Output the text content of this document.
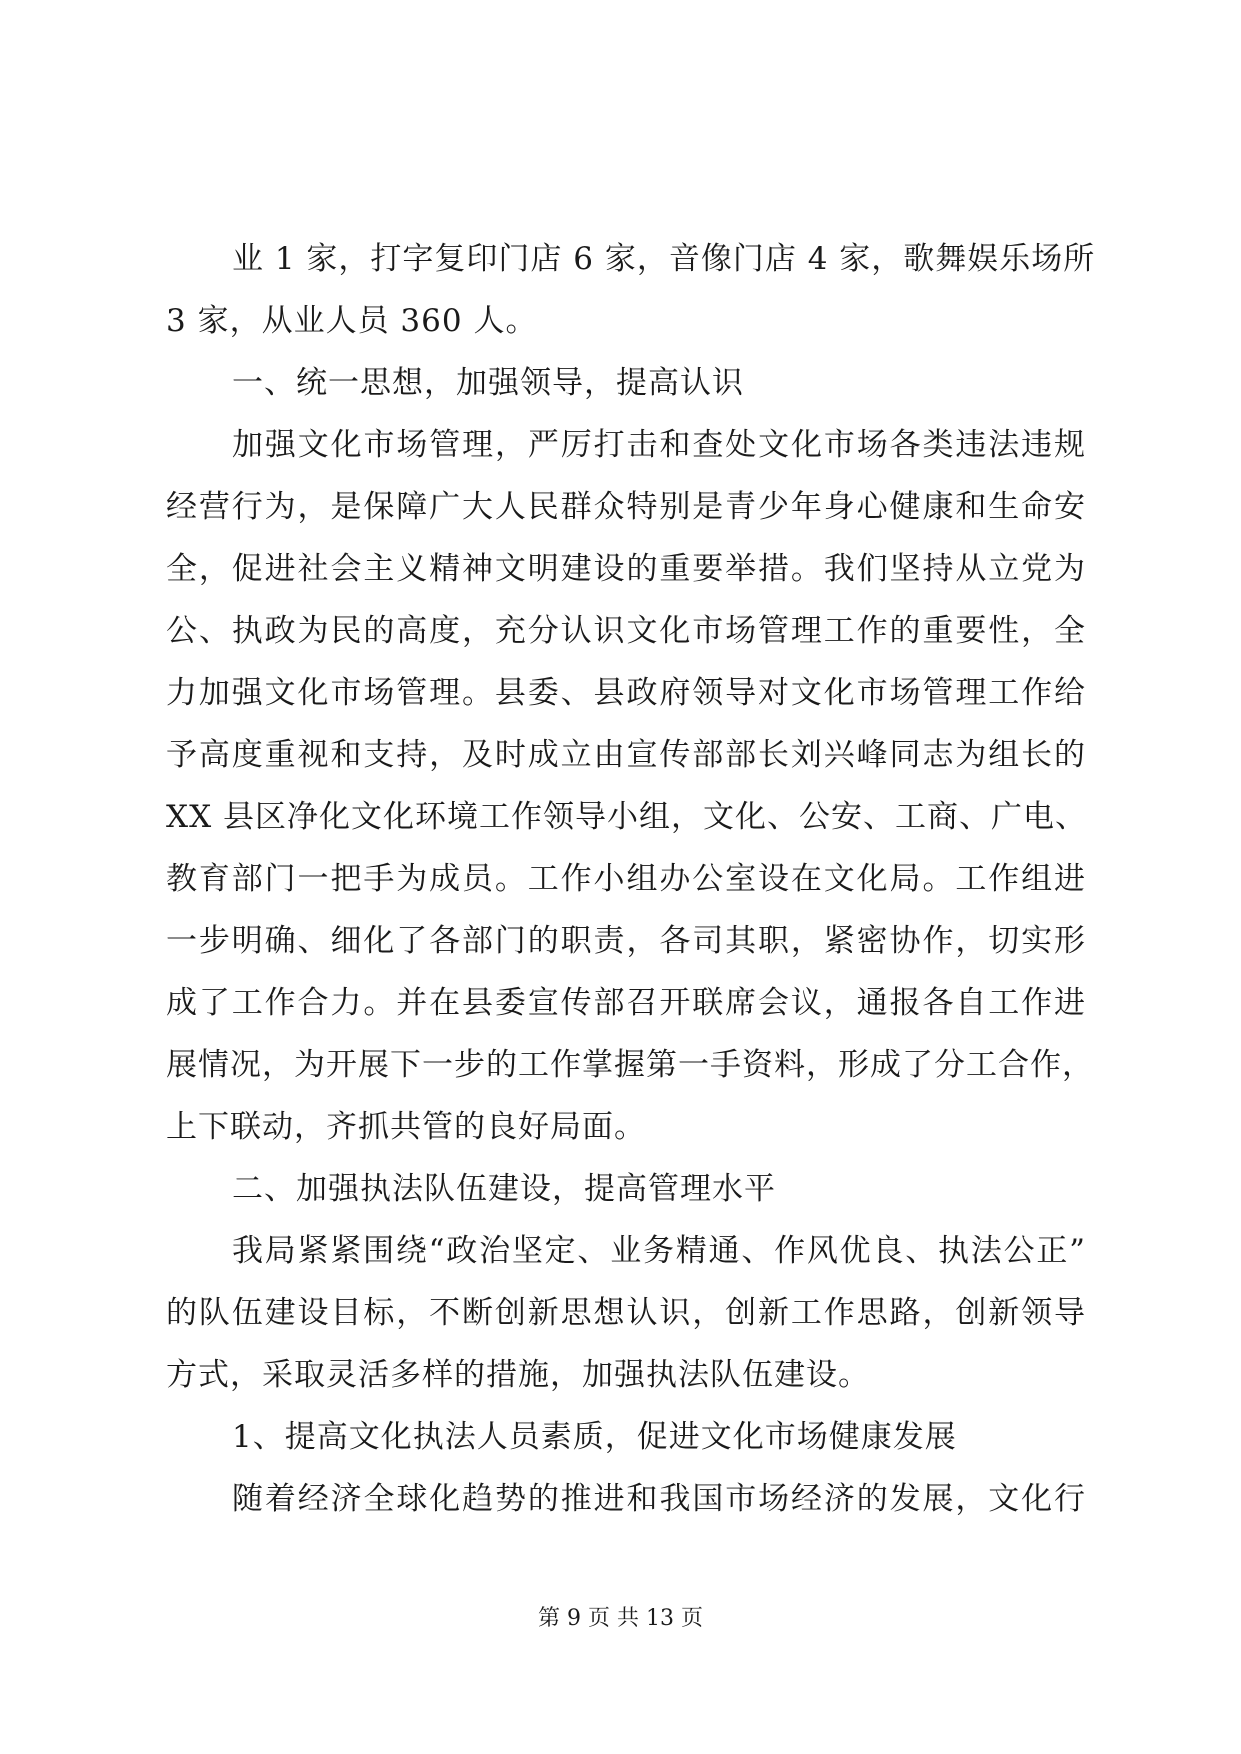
业 1 家，打字复印门店 6 家，音像门店 4 家，歌舞娱乐场所
3 家，从业人员 360 人。
一、统一思想，加强领导，提高认识
加强文化市场管理，严厉打击和查处文化市场各类违法违规
经营行为，是保障广大人民群众特别是青少年身心健康和生命安
全，促进社会主义精神文明建设的重要举措。我们坚持从立党为
公、执政为民的高度，充分认识文化市场管理工作的重要性，全
力加强文化市场管理。县委、县政府领导对文化市场管理工作给
予高度重视和支持，及时成立由宣传部部长刘兴峰同志为组长的
XX 县区净化文化环境工作领导小组，文化、公安、工商、广电、
教育部门一把手为成员。工作小组办公室设在文化局。工作组进
一步明确、细化了各部门的职责，各司其职，紧密协作，切实形
成了工作合力。并在县委宣传部召开联席会议，通报各自工作进
展情况，为开展下一步的工作掌握第一手资料，形成了分工合作，
上下联动，齐抓共管的良好局面。
二、加强执法队伍建设，提高管理水平
我局紧紧围绕“政治坚定、业务精通、作风优良、执法公正”
的队伍建设目标，不断创新思想认识，创新工作思路，创新领导
方式，采取灵活多样的措施，加强执法队伍建设。
1、提高文化执法人员素质，促进文化市场健康发展
随着经济全球化趋势的推进和我国市场经济的发展，文化行
第 9 页 共 13 页
